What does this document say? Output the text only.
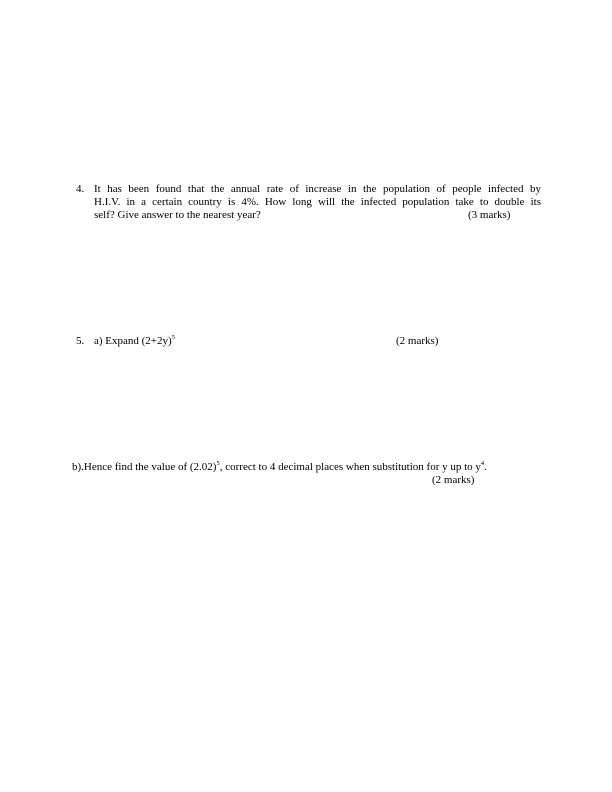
4. It has been found that the annual rate of increase in the population of people infected by
H.I.V. in a certain country is 4%. How long will the infected population take to double its
self? Give answer to the nearest year?	(3 marks)
5. a) Expand $(2+2y)^5$	(2 marks)
b).Hence find the value of $(2.02)^5$, correct to 4 decimal places when substitution for y up to $y^4$.
(2 marks)
